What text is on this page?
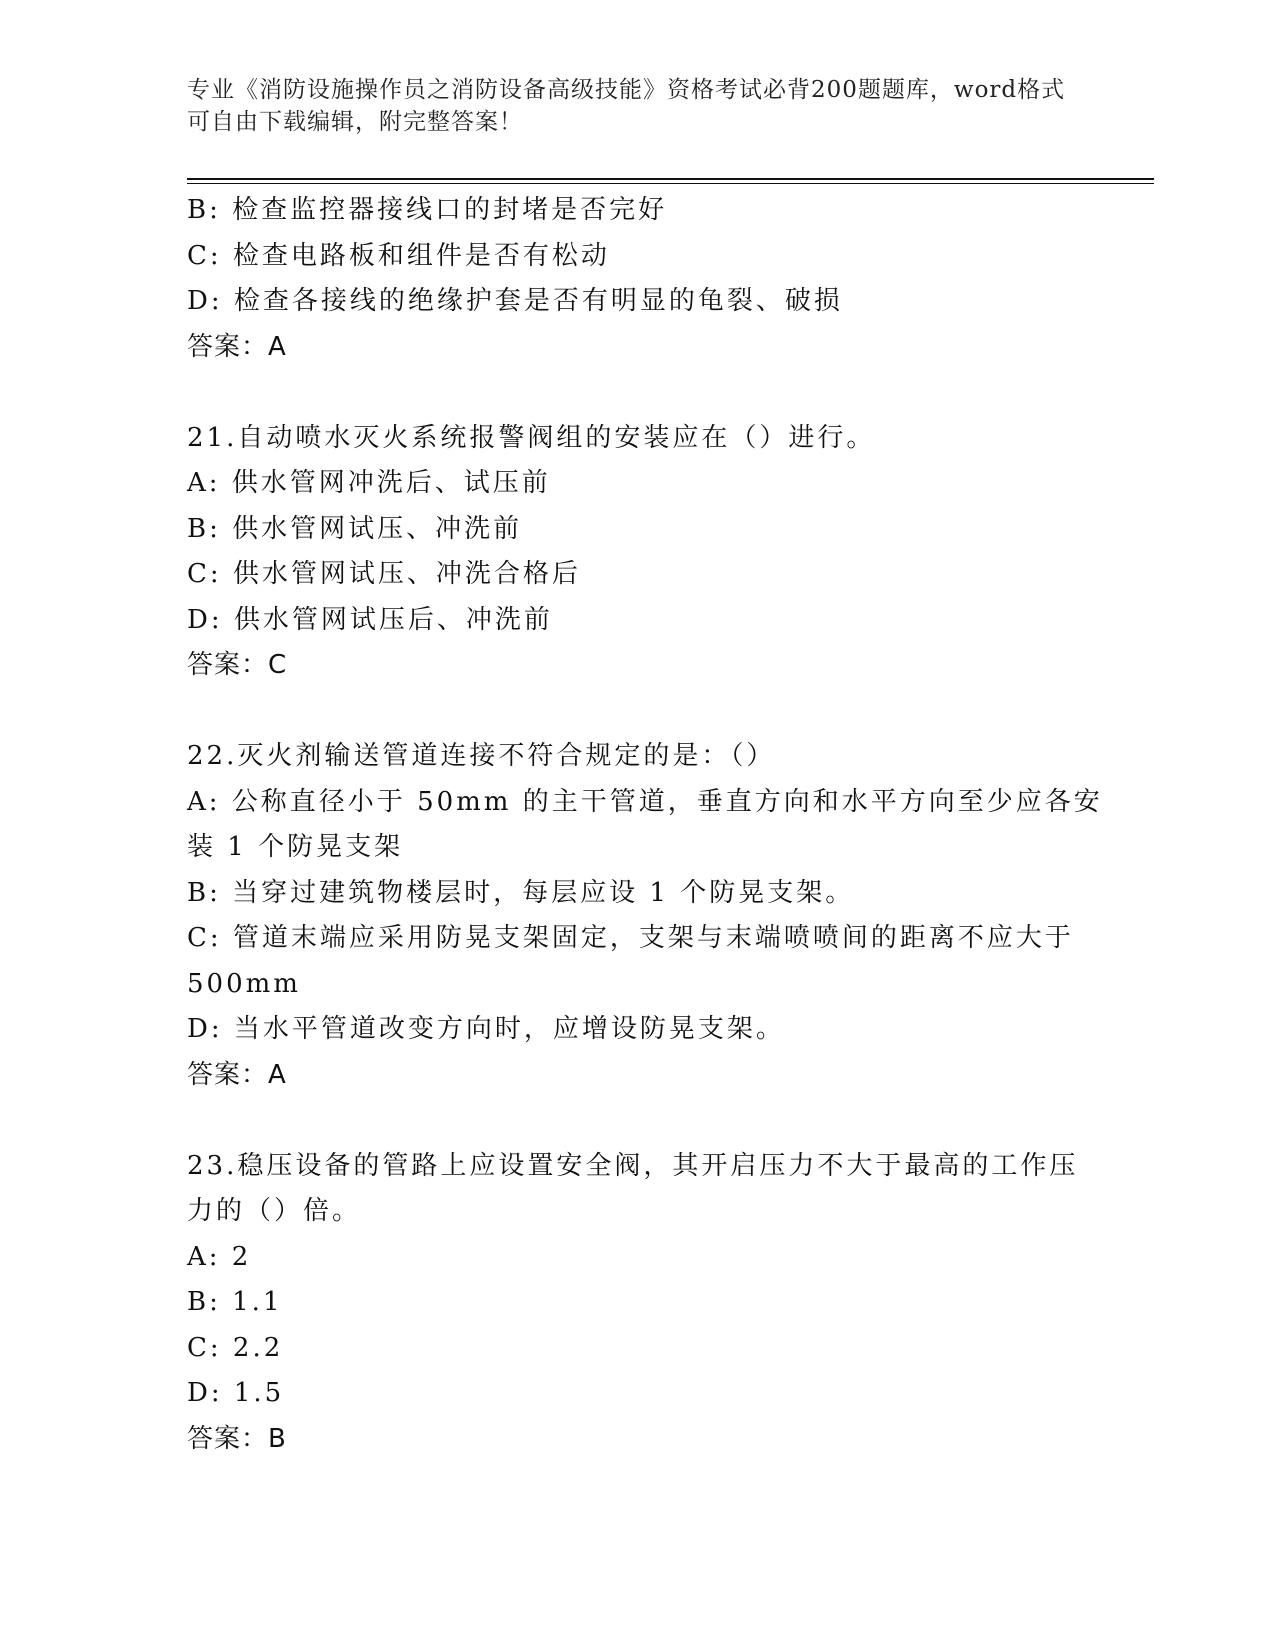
专业《消防设施操作员之消防设备高级技能》资格考试必背200题题库，word格式可自由下载编辑，附完整答案！
B: 检查监控器接线口的封堵是否完好
C: 检查电路板和组件是否有松动
D: 检查各接线的绝缘护套是否有明显的龟裂、破损
答案：A
21.自动喷水灭火系统报警阀组的安装应在（）进行。
A: 供水管网冲洗后、试压前
B: 供水管网试压、冲洗前
C: 供水管网试压、冲洗合格后
D: 供水管网试压后、冲洗前
答案：C
22.灭火剂输送管道连接不符合规定的是：（）
A: 公称直径小于 50mm 的主干管道，垂直方向和水平方向至少应各安
装 1 个防晃支架
B: 当穿过建筑物楼层时，每层应设 1 个防晃支架。
C: 管道末端应采用防晃支架固定，支架与末端喷喷间的距离不应大于
500mm
D: 当水平管道改变方向时，应增设防晃支架。
答案：A
23.稳压设备的管路上应设置安全阀，其开启压力不大于最高的工作压
力的（）倍。
A: 2
B: 1.1
C: 2.2
D: 1.5
答案：B
